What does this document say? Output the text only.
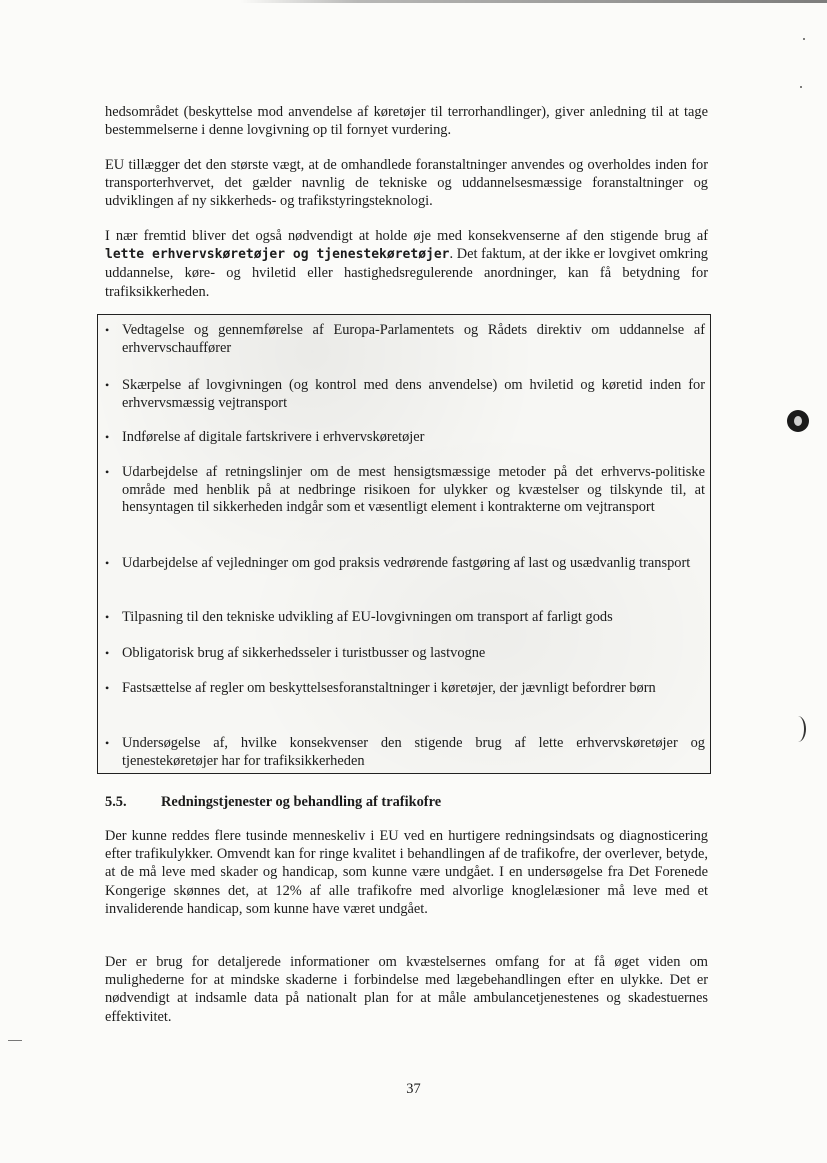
hedsområdet (beskyttelse mod anvendelse af køretøjer til terrorhandlinger), giver anledning til at tage bestemmelserne i denne lovgivning op til fornyet vurdering.

EU tillægger det den største vægt, at de omhandlede foranstaltninger anvendes og overholdes inden for transporterhvervet, det gælder navnlig de tekniske og uddannelsesmæssige foranstaltninger og udviklingen af ny sikkerheds- og trafikstyringsteknologi.

I nær fremtid bliver det også nødvendigt at holde øje med konsekvenserne af den stigende brug af lette erhvervskøretøjer og tjenestekøretøjer. Det faktum, at der ikke er lovgivet omkring uddannelse, køre- og hviletid eller hastighedsregulerende anordninger, kan få betydning for trafiksikkerheden.

• Vedtagelse og gennemførelse af Europa-Parlamentets og Rådets direktiv om uddannelse af erhvervschauffører
• Skærpelse af lovgivningen (og kontrol med dens anvendelse) om hviletid og køretid inden for erhvervsmæssig vejtransport
• Indførelse af digitale fartskrivere i erhvervskøretøjer
• Udarbejdelse af retningslinjer om de mest hensigtsmæssige metoder på det erhvervs-politiske område med henblik på at nedbringe risikoen for ulykker og kvæstelser og tilskynde til, at hensyntagen til sikkerheden indgår som et væsentligt element i kontrakterne om vejtransport
• Udarbejdelse af vejledninger om god praksis vedrørende fastgøring af last og usædvanlig transport
• Tilpasning til den tekniske udvikling af EU-lovgivningen om transport af farligt gods
• Obligatorisk brug af sikkerhedsseler i turistbusser og lastvogne
• Fastsættelse af regler om beskyttelsesforanstaltninger i køretøjer, der jævnligt befordrer børn
• Undersøgelse af, hvilke konsekvenser den stigende brug af lette erhvervskøretøjer og tjenestekøretøjer har for trafiksikkerheden
5.5. Redningstjenester og behandling af trafikofre

Der kunne reddes flere tusinde menneskeliv i EU ved en hurtigere redningsindsats og diagnosticering efter trafikulykker. Omvendt kan for ringe kvalitet i behandlingen af de trafikofre, der overlever, betyde, at de må leve med skader og handicap, som kunne være undgået. I en undersøgelse fra Det Forenede Kongerige skønnes det, at 12% af alle trafikofre med alvorlige knoglelæsioner må leve med et invaliderende handicap, som kunne have været undgået.

Der er brug for detaljerede informationer om kvæstelsernes omfang for at få øget viden om mulighederne for at mindske skaderne i forbindelse med lægebehandlingen efter en ulykke. Det er nødvendigt at indsamle data på nationalt plan for at måle ambulancetjenestenes og skadestuernes effektivitet.

37
